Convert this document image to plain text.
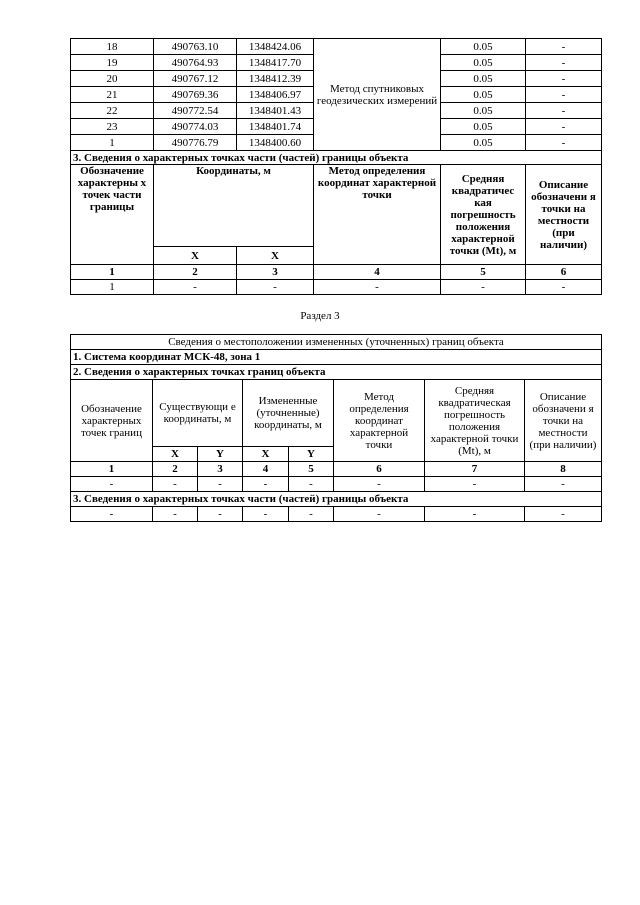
18	490763.10	1348424.06	Метод спутниковых геодезических измерений	0.05	-
19	490764.93	1348417.70		0.05	-
20	490767.12	1348412.39		0.05	-
21	490769.36	1348406.97		0.05	-
22	490772.54	1348401.43		0.05	-
23	490774.03	1348401.74		0.05	-
1	490776.79	1348400.60		0.05	-
3. Сведения о характерных точках части (частей) границы объекта					
Обозначение характерны х точек части границы	Координаты, м		Метод определения координат характерной точки	Средняя квадратичес кая погрешность положения характерной точки (Mt), м	Описание обозначени я точки на местности (при наличии)
	X	X			
1	2	3	4	5	6
1	-	-	-	-	-
Раздел 3
Сведения о местоположении измененных (уточненных) границ объекта							
1. Система координат МСК-48, зона 1							
2. Сведения о характерных точках границ объекта							
Обозначение характерных точек границ	Существующи е координаты, м		Измененные (уточненные) координаты, м		Метод определения координат характерной точки	Средняя квадратическая погрешность положения характерной точки (Mt), м	Описание обозначени я точки на местности (при наличии)
	X	Y	X	Y			
1	2	3	4	5	6	7	8
-	-	-	-	-	-	-	-
3. Сведения о характерных точках части (частей) границы объекта							
-	-	-	-	-	-	-	-
